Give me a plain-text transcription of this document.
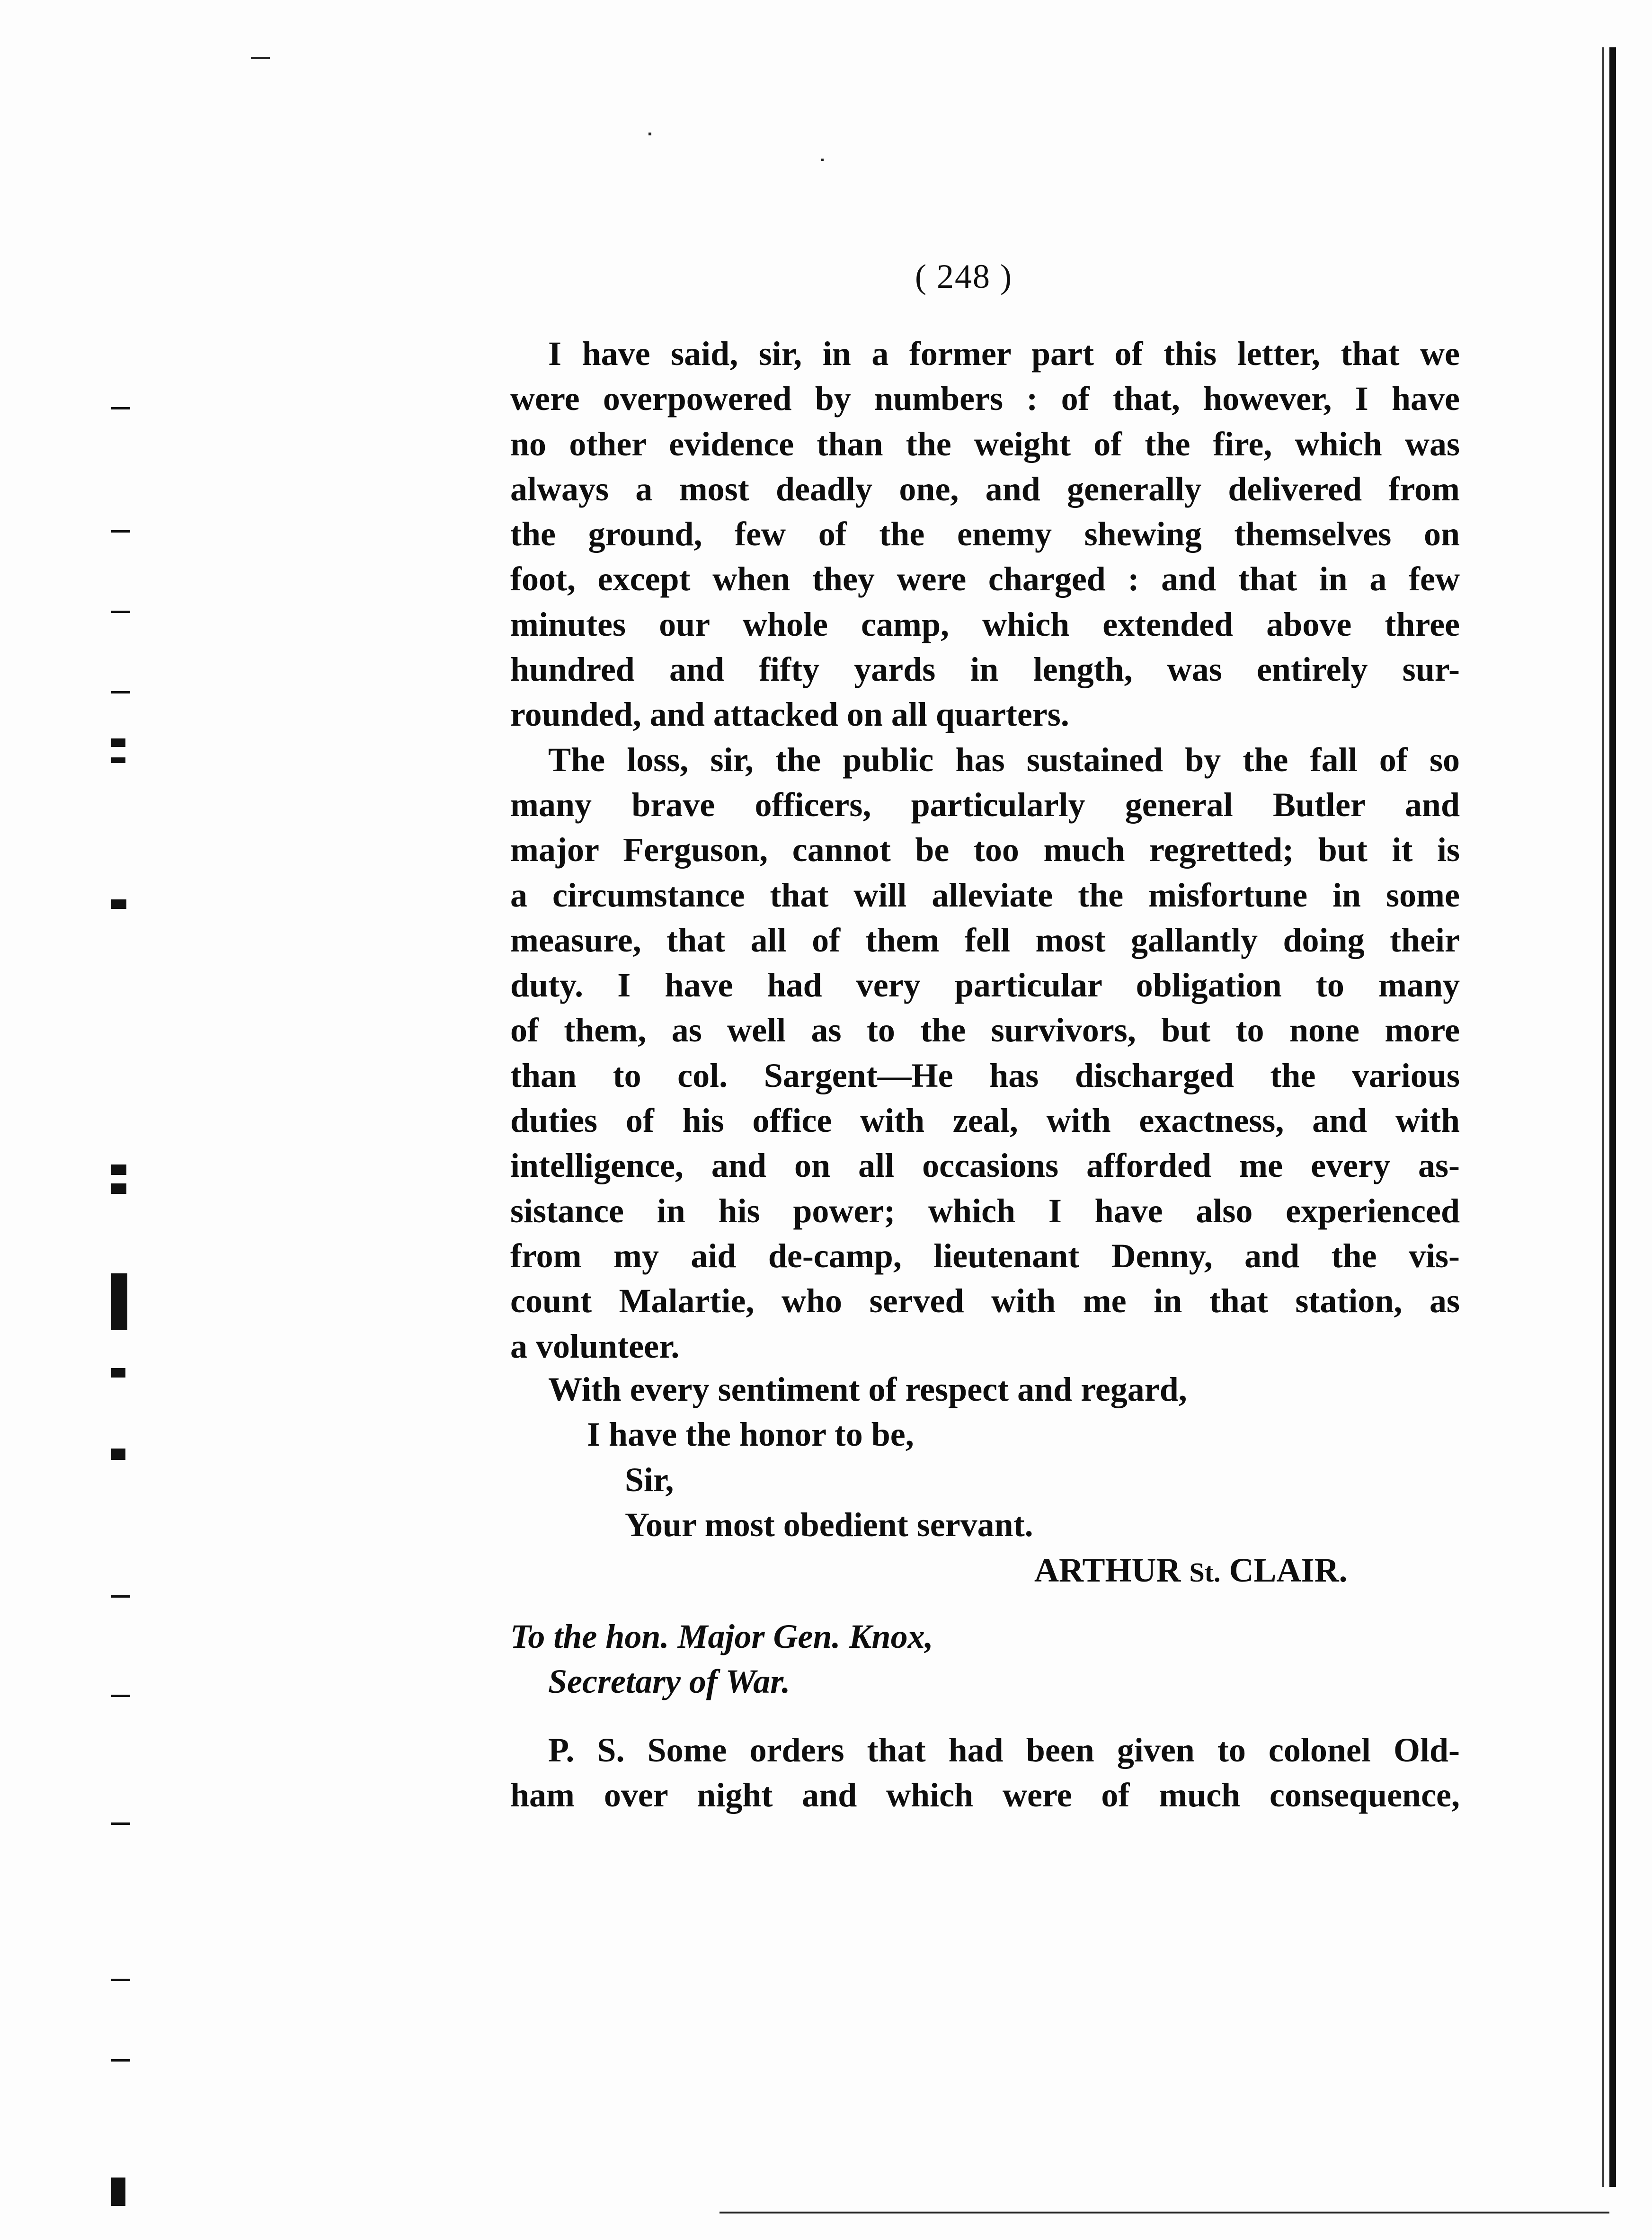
( 248 )
I have said, sir, in a former part of this letter, that we
were overpowered by numbers : of that, however, I have
no other evidence than the weight of the fire, which was
always a most deadly one, and generally delivered from
the ground, few of the enemy shewing themselves on
foot, except when they were charged : and that in a few
minutes our whole camp, which extended above three
hundred and fifty yards in length, was entirely sur-
rounded, and attacked on all quarters.
The loss, sir, the public has sustained by the fall of so
many brave officers, particularly general Butler and
major Ferguson, cannot be too much regretted; but it is
a circumstance that will alleviate the misfortune in some
measure, that all of them fell most gallantly doing their
duty. I have had very particular obligation to many
of them, as well as to the survivors, but to none more
than to col. Sargent—He has discharged the various
duties of his office with zeal, with exactness, and with
intelligence, and on all occasions afforded me every as-
sistance in his power; which I have also experienced
from my aid de-camp, lieutenant Denny, and the vis-
count Malartie, who served with me in that station, as
a volunteer.
With every sentiment of respect and regard,
I have the honor to be,
Sir,
Your most obedient servant.
ARTHUR St. CLAIR.
To the hon. Major Gen. Knox,
Secretary of War.
P. S. Some orders that had been given to colonel Old-
ham over night and which were of much consequence,
